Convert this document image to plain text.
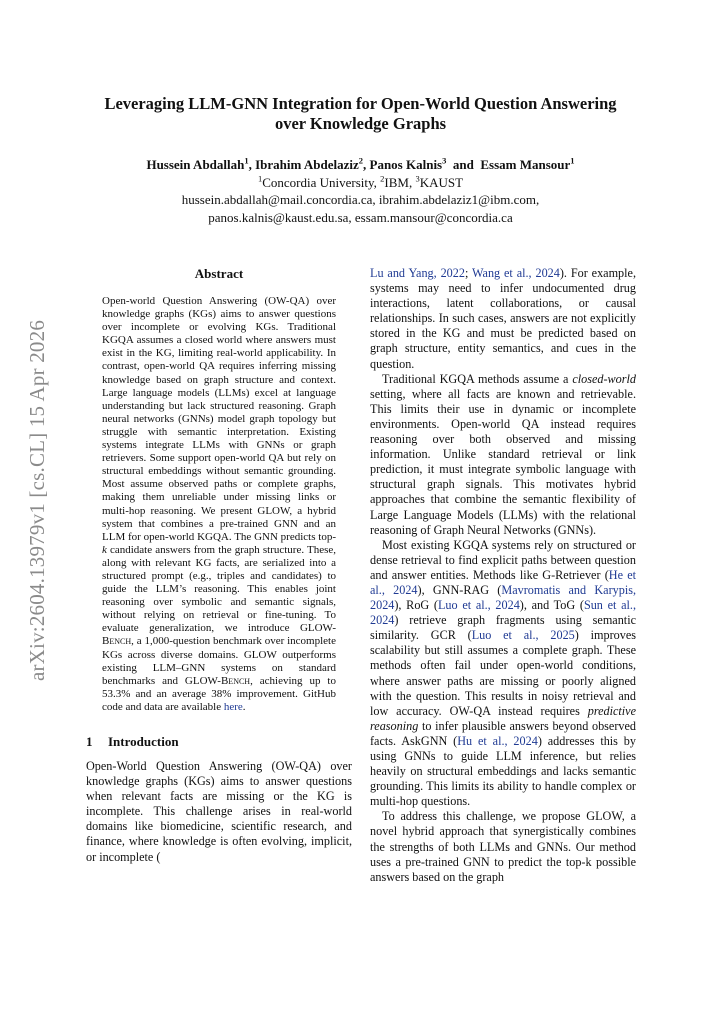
arXiv:2604.13979v1 [cs.CL] 15 Apr 2026
Leveraging LLM-GNN Integration for Open-World Question Answering
over Knowledge Graphs
Hussein Abdallah$^1$, Ibrahim Abdelaziz$^2$, Panos Kalnis$^3$ and Essam Mansour$^1$
$^1$Concordia University, $^2$IBM, $^3$KAUST
hussein.abdallah@mail.concordia.ca, ibrahim.abdelaziz1@ibm.com,
panos.kalnis@kaust.edu.sa, essam.mansour@concordia.ca
Abstract
Open-world Question Answering (OW-QA) over knowledge graphs (KGs) aims to answer questions over incomplete or evolving KGs. Traditional KGQA assumes a closed world where answers must exist in the KG, limiting real-world applicability. In contrast, open-world QA requires inferring missing knowledge based on graph structure and context. Large language models (LLMs) excel at language understanding but lack structured reasoning. Graph neural networks (GNNs) model graph topology but struggle with semantic interpretation. Existing systems integrate LLMs with GNNs or graph retrievers. Some support open-world QA but rely on structural embeddings without semantic grounding. Most assume observed paths or complete graphs, making them unreliable under missing links or multi-hop reasoning. We present GLOW, a hybrid system that combines a pre-trained GNN and an LLM for open-world KGQA. The GNN predicts top-k candidate answers from the graph structure. These, along with relevant KG facts, are serialized into a structured prompt (e.g., triples and candidates) to guide the LLM’s reasoning. This enables joint reasoning over symbolic and semantic signals, without relying on retrieval or fine-tuning. To evaluate generalization, we introduce GLOW-Bench, a 1,000-question benchmark over incomplete KGs across diverse domains. GLOW outperforms existing LLM–GNN systems on standard benchmarks and GLOW-Bench, achieving up to 53.3% and an average 38% improvement. GitHub code and data are available here.
1 Introduction

Open-World Question Answering (OW-QA) over knowledge graphs (KGs) aims to answer questions when relevant facts are missing or the KG is incomplete. This challenge arises in real-world domains like biomedicine, scientific research, and finance, where knowledge is often evolving, implicit, or incomplete (

Lu and Yang, 2022; Wang et al., 2024). For example, systems may need to infer undocumented drug interactions, latent collaborations, or causal relationships. In such cases, answers are not explicitly stored in the KG and must be predicted based on graph structure, entity semantics, and cues in the question.

Traditional KGQA methods assume a closed-world setting, where all facts are known and retrievable. This limits their use in dynamic or incomplete environments. Open-world QA instead requires reasoning over both observed and missing information. Unlike standard retrieval or link prediction, it must integrate symbolic language with structural graph signals. This motivates hybrid approaches that combine the semantic flexibility of Large Language Models (LLMs) with the relational reasoning of Graph Neural Networks (GNNs).

Most existing KGQA systems rely on structured or dense retrieval to find explicit paths between question and answer entities. Methods like G-Retriever (He et al., 2024), GNN-RAG (Mavromatis and Karypis, 2024), RoG (Luo et al., 2024), and ToG (Sun et al., 2024) retrieve graph fragments using semantic similarity. GCR (Luo et al., 2025) improves scalability but still assumes a complete graph. These methods often fail under open-world conditions, where answer paths are missing or poorly aligned with the question. This results in noisy retrieval and low accuracy. OW-QA instead requires predictive reasoning to infer plausible answers beyond observed facts. AskGNN (Hu et al., 2024) addresses this by using GNNs to guide LLM inference, but relies heavily on structural embeddings and lacks semantic grounding. This limits its ability to handle complex or multi-hop questions.

To address this challenge, we propose GLOW, a novel hybrid approach that synergistically combines the strengths of both LLMs and GNNs. Our method uses a pre-trained GNN to predict the top-k possible answers based on the graph
